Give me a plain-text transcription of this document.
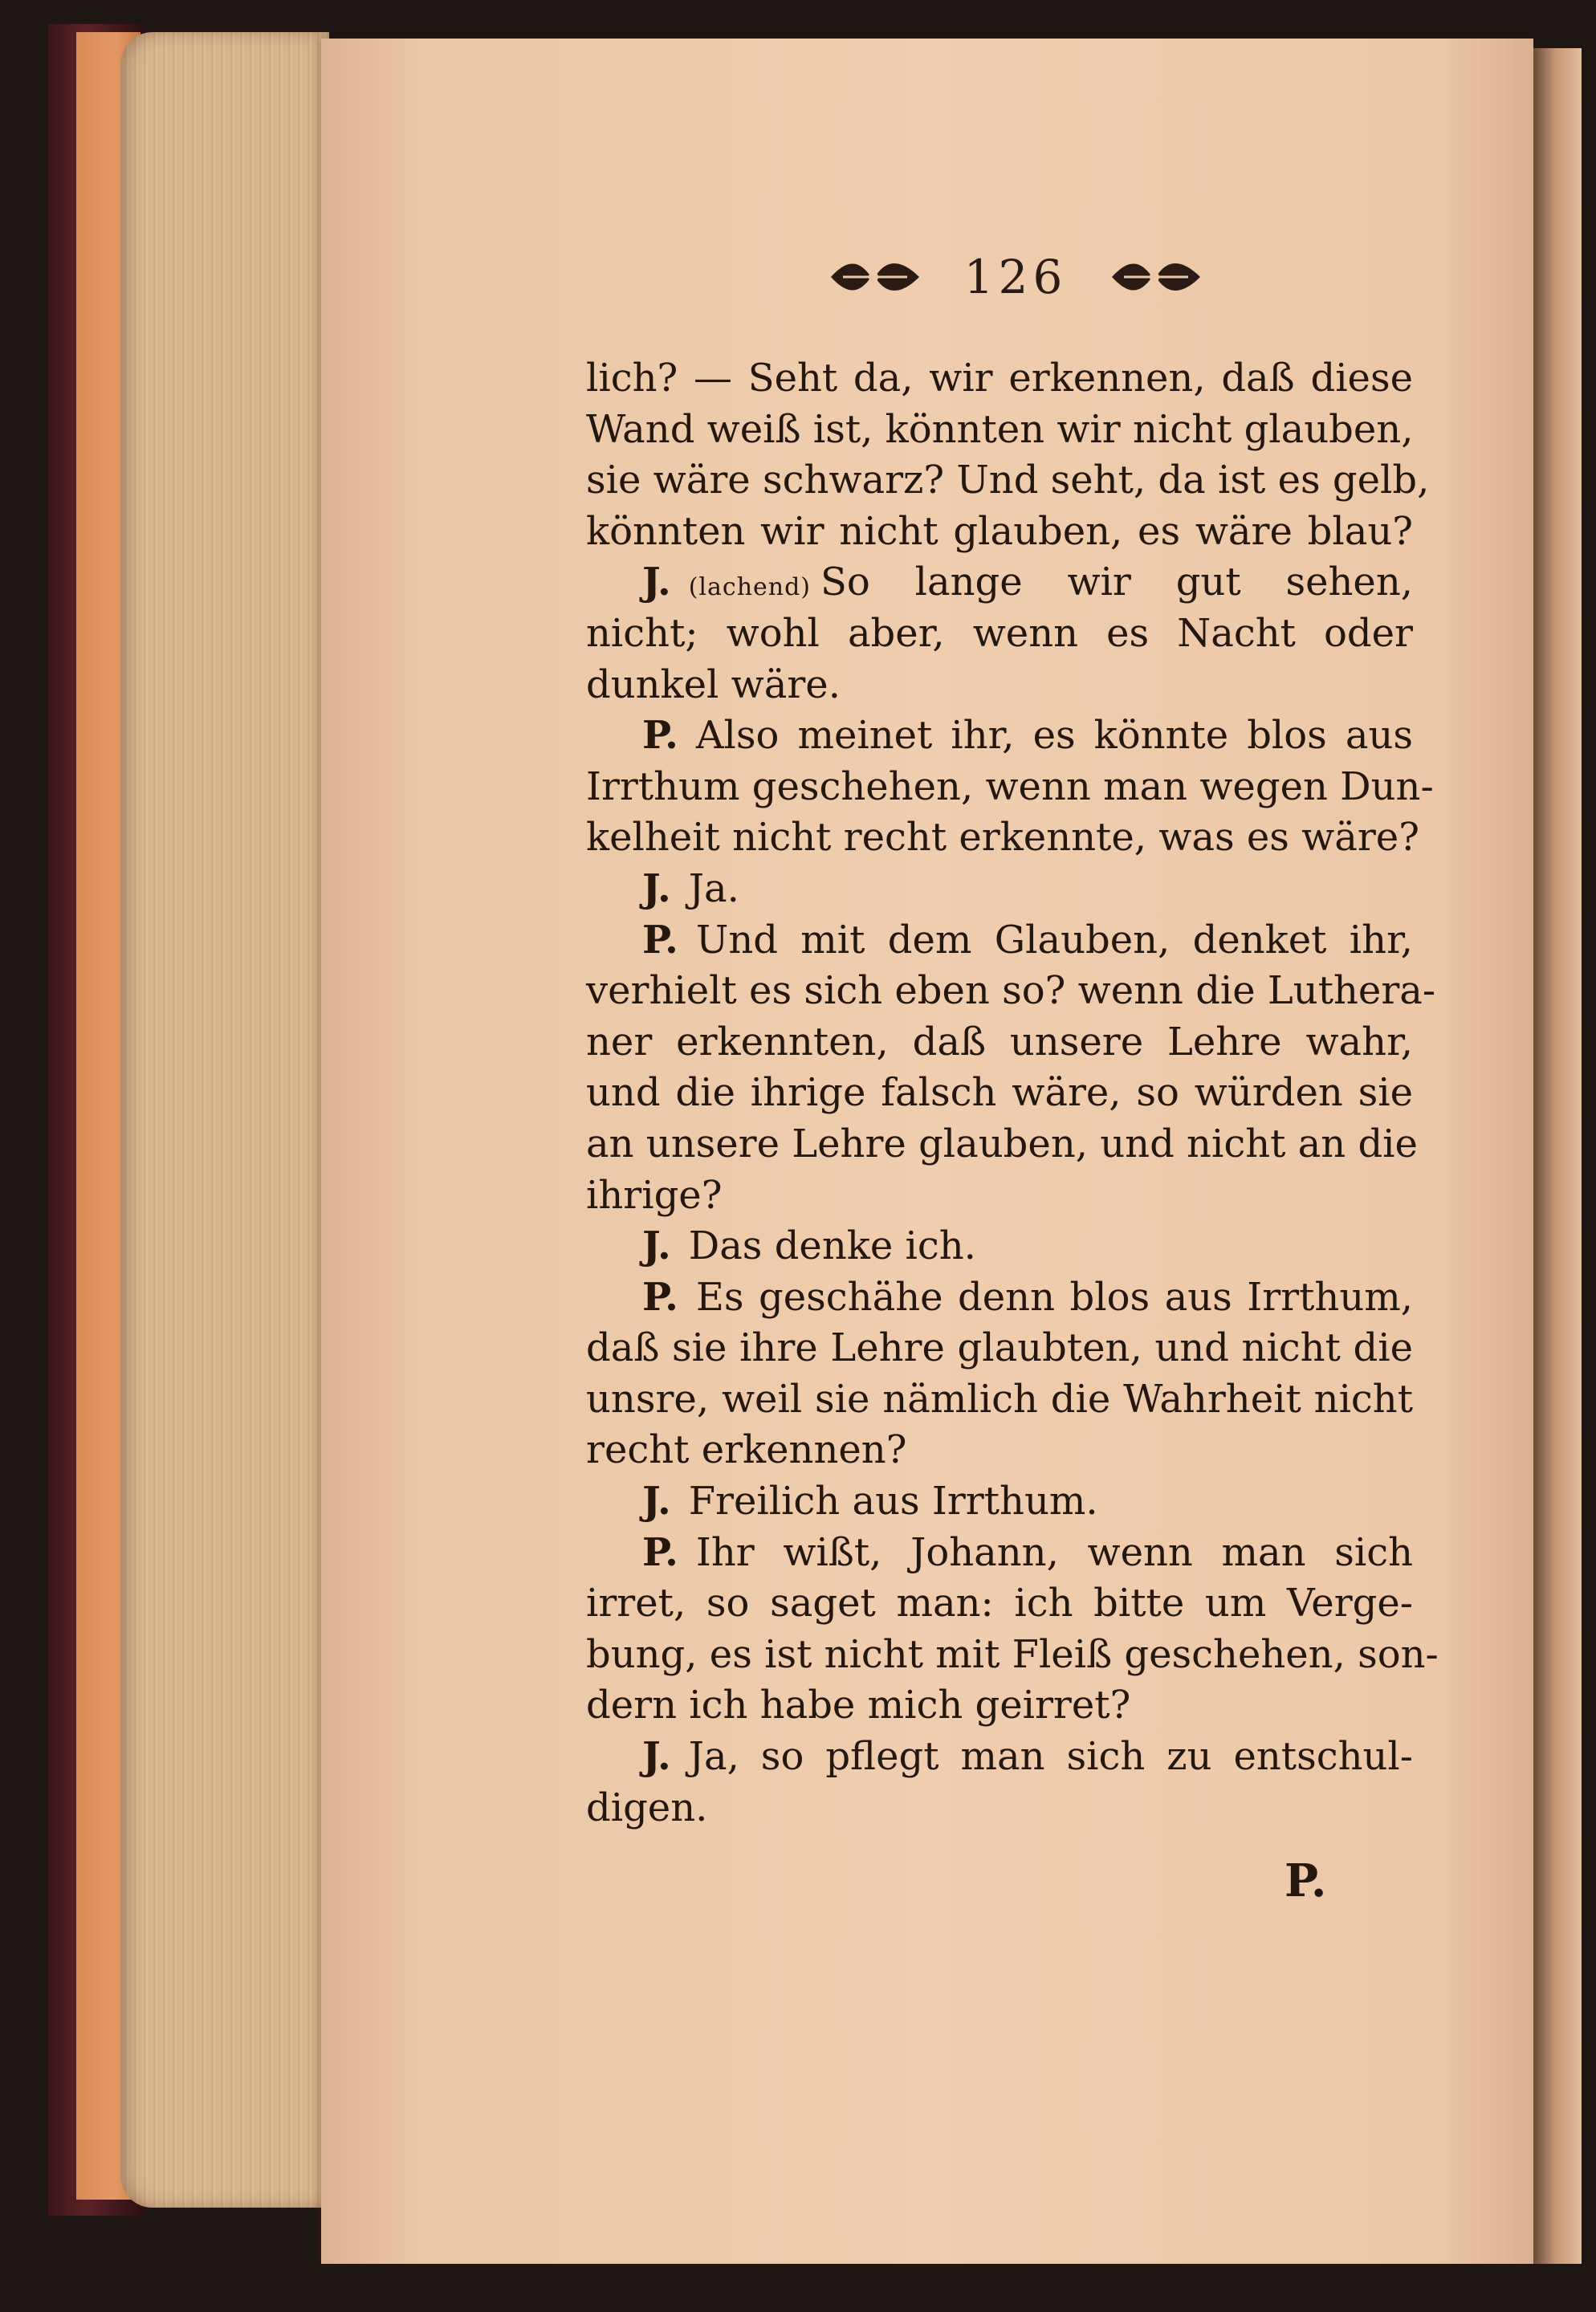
126
lich? — Seht da, wir erkennen, daß diese
Wand weiß ist, könnten wir nicht glauben,
sie wäre schwarz? Und seht, da ist es gelb,
könnten wir nicht glauben, es wäre blau?
J. (lachend) So lange wir gut sehen,
nicht; wohl aber, wenn es Nacht oder
dunkel wäre.
P. Also meinet ihr, es könnte blos aus
Irrthum geschehen, wenn man wegen Dun-
kelheit nicht recht erkennte, was es wäre?
J. Ja.
P. Und mit dem Glauben, denket ihr,
verhielt es sich eben so? wenn die Luthera-
ner erkennten, daß unsere Lehre wahr,
und die ihrige falsch wäre, so würden sie
an unsere Lehre glauben, und nicht an die
ihrige?
J. Das denke ich.
P. Es geschähe denn blos aus Irrthum,
daß sie ihre Lehre glaubten, und nicht die
unsre, weil sie nämlich die Wahrheit nicht
recht erkennen?
J. Freilich aus Irrthum.
P. Ihr wißt, Johann, wenn man sich
irret, so saget man: ich bitte um Verge-
bung, es ist nicht mit Fleiß geschehen, son-
dern ich habe mich geirret?
J. Ja, so pflegt man sich zu entschul-
digen.
P.
